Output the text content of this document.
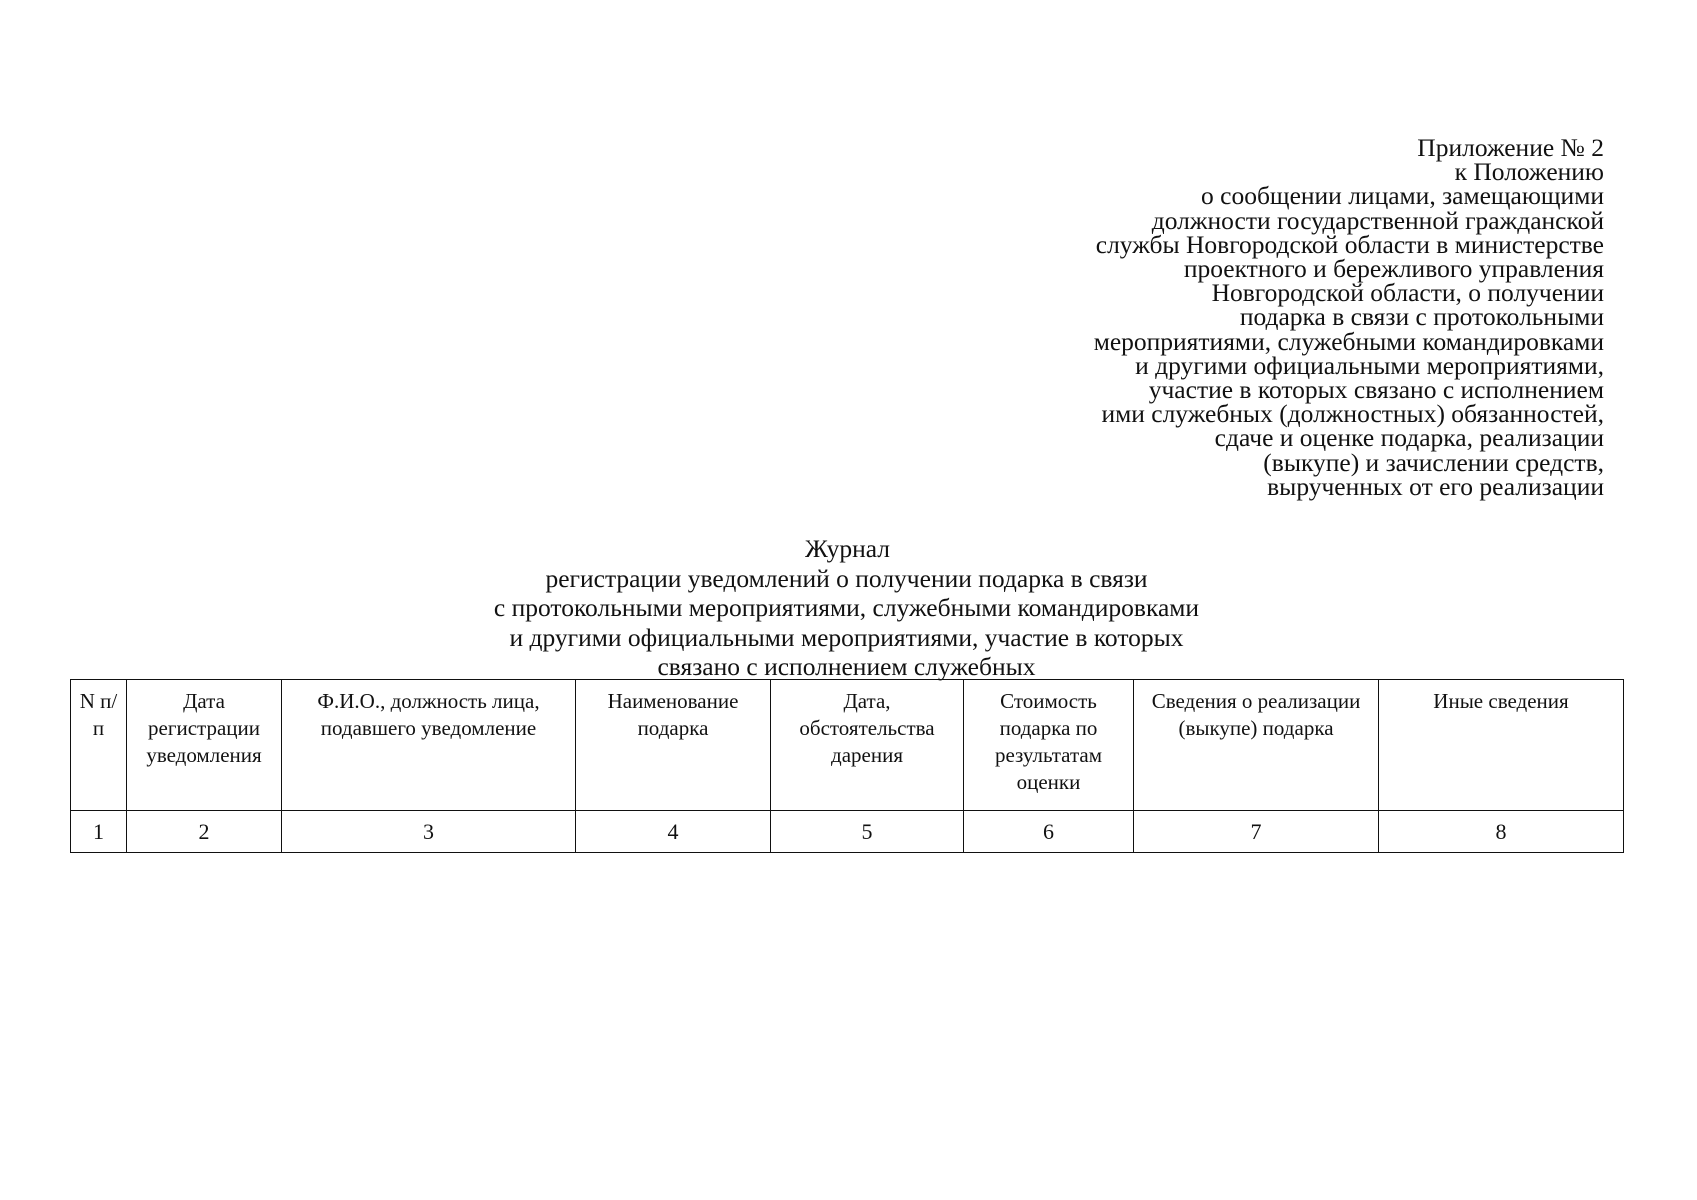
Приложение № 2
к Положению
о сообщении лицами, замещающими
должности государственной гражданской
службы Новгородской области в министерстве
проектного и бережливого управления
Новгородской области, о получении
подарка в связи с протокольными
мероприятиями, служебными командировками
и другими официальными мероприятиями,
участие в которых связано с исполнением
ими служебных (должностных) обязанностей,
сдаче и оценке подарка, реализации
(выкупе) и зачислении средств,
вырученных от его реализации
Журнал
регистрации уведомлений о получении подарка в связи
с протокольными мероприятиями, служебными командировками
и другими официальными мероприятиями, участие в которых
связано с исполнением служебных
N п/п	Дата регистрации уведомления	Ф.И.О., должность лица, подавшего уведомление	Наименование подарка	Дата, обстоятельства дарения	Стоимость подарка по результатам оценки	Сведения о реализации (выкупе) подарка	Иные сведения
1	2	3	4	5	6	7	8
